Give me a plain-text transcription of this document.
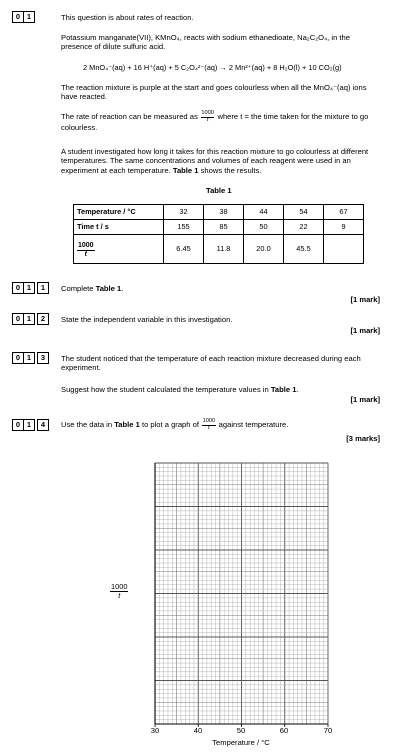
0 1	This question is about rates of reaction.
Potassium manganate(VII), KMnO₄, reacts with sodium ethanedioate, Na₂C₂O₄, in the presence of dilute sulfuric acid.
2 MnO₄⁻(aq) + 16 H⁺(aq) + 5 C₂O₄²⁻(aq) → 2 Mn²⁺(aq) + 8 H₂O(l) + 10 CO₂(g)
The reaction mixture is purple at the start and goes colourless when all the MnO₄⁻(aq) ions have reacted.
The rate of reaction can be measured as $\frac{1000}{t}$ where t = the time taken for the mixture to go colourless.
A student investigated how long it takes for this reaction mixture to go colourless at different temperatures. The same concentrations and volumes of each reagent were used in an experiment at each temperature. Table 1 shows the results.
Table 1
Temperature / °C	32	38	44	54	67
Time t / s	155	85	50	22	9

$\frac{1000}{t}$	6.45	11.8	20.0	45.5	
0 1	1	Complete Table 1.
[1 mark]
0 1	2	State the independent variable in this investigation.
[1 mark]
0 1	3	The student noticed that the temperature of each reaction mixture decreased during each experiment.
Suggest how the student calculated the temperature values in Table 1.
[1 mark]
0 1	4	Use the data in Table 1 to plot a graph of $\frac{1000}{t}$ against temperature.
[3 marks]
$\frac{1000}{t}$
30	40	50	60	70
Temperature / °C
